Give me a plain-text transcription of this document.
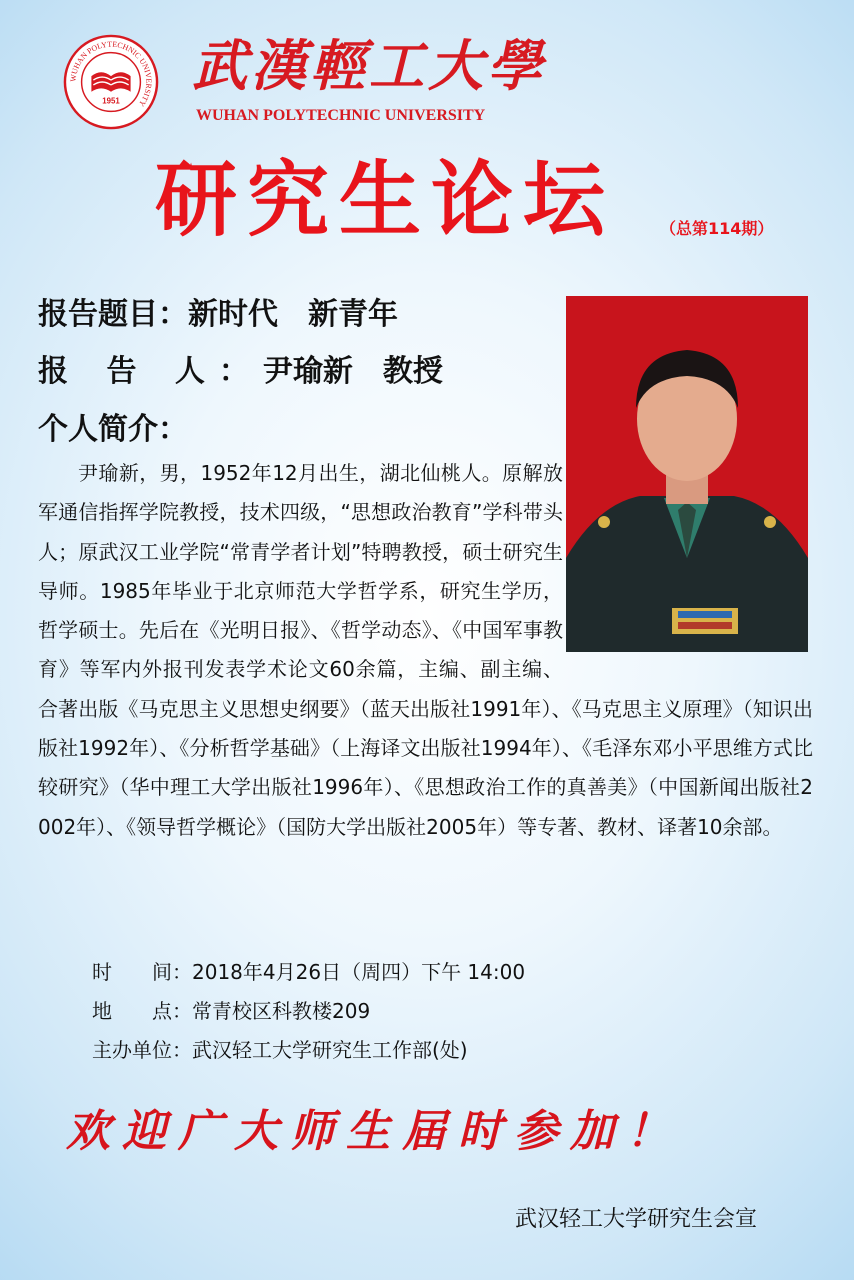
WUHAN POLYTECHNIC UNIVERSITY
1951
武漢輕工大學
WUHAN POLYTECHNIC UNIVERSITY
研究生论坛	（总第114期）
报告题目：新时代　新青年
报 告 人：尹瑜新　教授
个人简介：
尹瑜新，男，1952年12月出生，湖北仙桃人。原解放军通信指挥学院教授，技术四级，“思想政治教育”学科带头人；原武汉工业学院“常青学者计划”特聘教授，硕士研究生导师。1985年毕业于北京师范大学哲学系，研究生学历，哲学硕士。先后在《光明日报》、《哲学动态》、《中国军事教育》等军内外报刊发表学术论文60余篇，主编、副主编、合著出版《马克思主义思想史纲要》（蓝天出版社1991年）、《马克思主义原理》（知识出版社1992年）、《分析哲学基础》（上海译文出版社1994年）、《毛泽东邓小平思维方式比较研究》（华中理工大学出版社1996年）、《思想政治工作的真善美》（中国新闻出版社2002年）、《领导哲学概论》（国防大学出版社2005年）等专著、教材、译著10余部。
时　　间：2018年4月26日（周四）下午 14:00
地　　点：常青校区科教楼209
主办单位：武汉轻工大学研究生工作部(处)
欢迎广大师生届时参加！
武汉轻工大学研究生会宣
